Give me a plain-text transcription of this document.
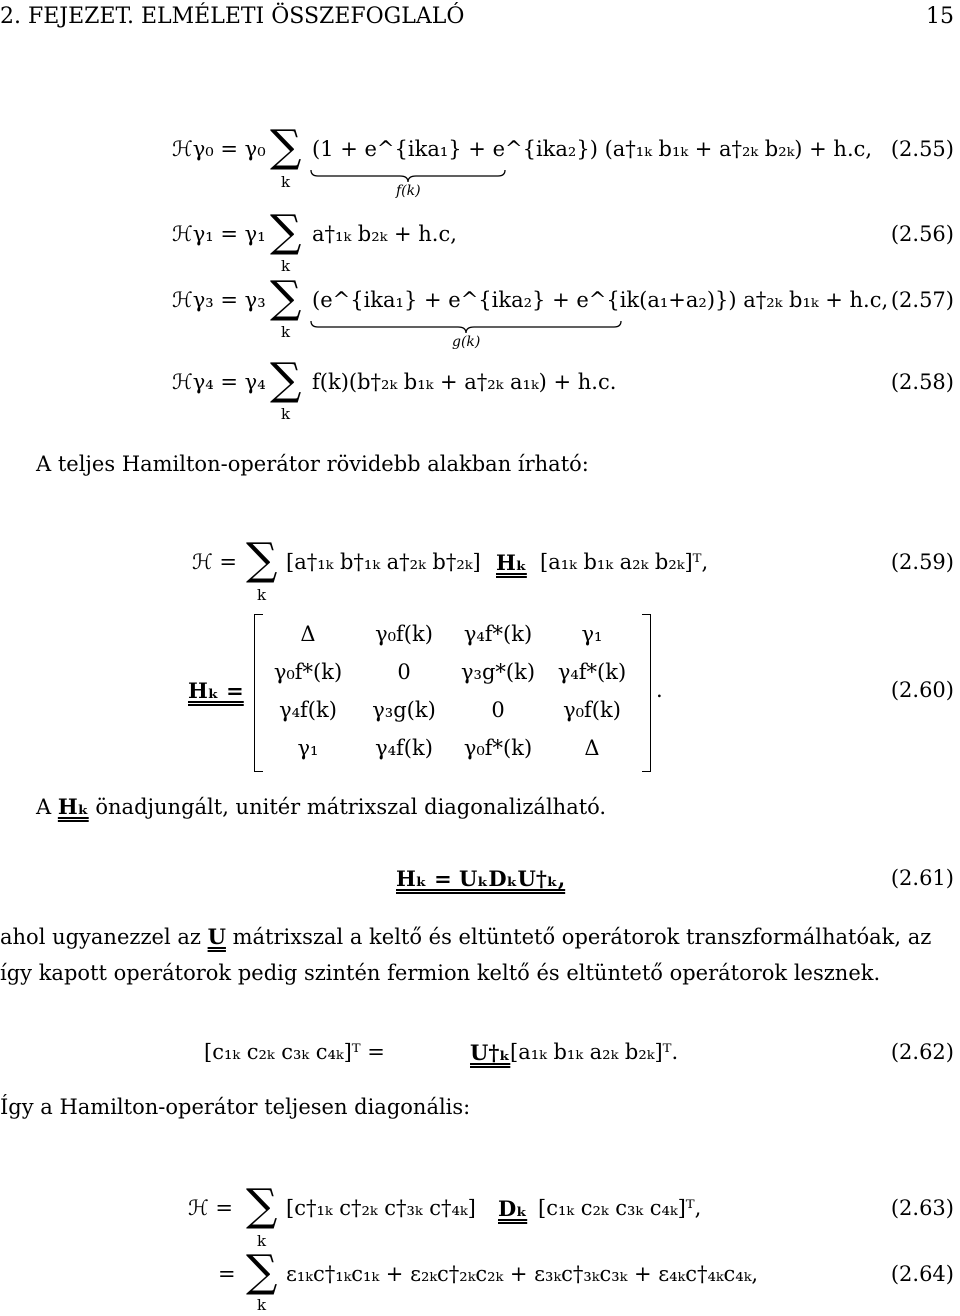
2. FEJEZET. ELMÉLETI ÖSSZEFOGLALÓ	15
ℋγ₀ = γ₀ ∑
k
(1 + e^{ika₁} + e^{ika₂}) (a†₁ₖ b₁ₖ + a†₂ₖ b₂ₖ) + h.c,
f(k)
(2.55)
ℋγ₁ = γ₁ ∑
k
a†₁ₖ b₂ₖ + h.c,	(2.56)
ℋγ₃ = γ₃ ∑
k
(e^{ika₁} + e^{ika₂} + e^{ik(a₁+a₂)}) a†₂ₖ b₁ₖ + h.c,
g(k)
(2.57)
ℋγ₄ = γ₄ ∑
k
f(k)(b†₂ₖ b₁ₖ + a†₂ₖ a₁ₖ) + h.c.	(2.58)

A teljes Hamilton-operátor rövidebb alakban írható:

ℋ = ∑
k
[a†₁ₖ b†₁ₖ a†₂ₖ b†₂ₖ] Hₖ [a₁ₖ b₁ₖ a₂ₖ b₂ₖ]ᵀ,	(2.59)
Hₖ =
Δ	γ₀f(k) γ₄f*(k) γ₁
γ₀f*(k)	0 γ₃g*(k) γ₄f*(k)
γ₄f(k) γ₃g(k)	0	γ₀f(k)
γ₁	γ₄f(k) γ₀f*(k) Δ
.	(2.60)

A Hₖ önadjungált, unitér mátrixszal diagonalizálható.

Hₖ = UₖDₖU†ₖ,	(2.61)

ahol ugyanezzel az U mátrixszal a keltő és eltüntető operátorok transzformálhatóak, az

így kapott operátorok pedig szintén fermion keltő és eltüntető operátorok lesznek.

[c₁ₖ c₂ₖ c₃ₖ c₄ₖ]ᵀ =	U†ₖ [a₁ₖ b₁ₖ a₂ₖ b₂ₖ]ᵀ.	(2.62)

Így a Hamilton-operátor teljesen diagonális:

ℋ = ∑
k
[c†₁ₖ c†₂ₖ c†₃ₖ c†₄ₖ] Dₖ [c₁ₖ c₂ₖ c₃ₖ c₄ₖ]ᵀ,	(2.63)
= ∑
k
ε₁ₖc†₁ₖc₁ₖ + ε₂ₖc†₂ₖc₂ₖ + ε₃ₖc†₃ₖc₃ₖ + ε₄ₖc†₄ₖc₄ₖ,	(2.64)
